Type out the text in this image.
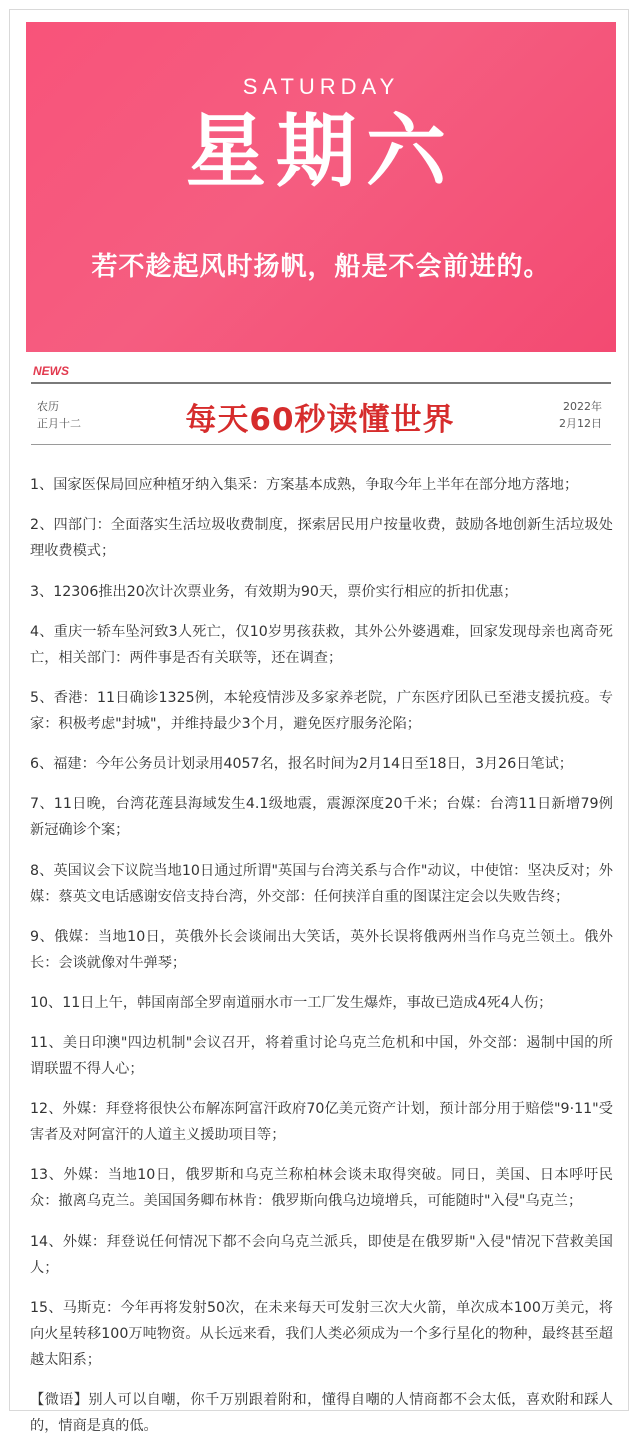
SATURDAY
星期六
若不趁起风时扬帆，船是不会前进的。
NEWS
农历
正月十二	每天60秒读懂世界	2022年
2月12日

1、国家医保局回应种植牙纳入集采：方案基本成熟，争取今年上半年在部分地方落地；

2、四部门：全面落实生活垃圾收费制度，探索居民用户按量收费，鼓励各地创新生活垃圾处理收费模式；

3、12306推出20次计次票业务，有效期为90天，票价实行相应的折扣优惠；

4、重庆一轿车坠河致3人死亡，仅10岁男孩获救，其外公外婆遇难，回家发现母亲也离奇死亡，相关部门：两件事是否有关联等，还在调查；

5、香港：11日确诊1325例，本轮疫情涉及多家养老院，广东医疗团队已至港支援抗疫。专家：积极考虑"封城"，并维持最少3个月，避免医疗服务沦陷；

6、福建：今年公务员计划录用4057名，报名时间为2月14日至18日，3月26日笔试；

7、11日晚，台湾花莲县海域发生4.1级地震，震源深度20千米；台媒：台湾11日新增79例新冠确诊个案；

8、英国议会下议院当地10日通过所谓"英国与台湾关系与合作"动议，中使馆：坚决反对；外媒：蔡英文电话感谢安倍支持台湾，外交部：任何挟洋自重的图谋注定会以失败告终；

9、俄媒：当地10日，英俄外长会谈闹出大笑话，英外长误将俄两州当作乌克兰领土。俄外长：会谈就像对牛弹琴；

10、11日上午，韩国南部全罗南道丽水市一工厂发生爆炸，事故已造成4死4人伤；

11、美日印澳"四边机制"会议召开，将着重讨论乌克兰危机和中国，外交部：遏制中国的所谓联盟不得人心；

12、外媒：拜登将很快公布解冻阿富汗政府70亿美元资产计划，预计部分用于赔偿"9·11"受害者及对阿富汗的人道主义援助项目等；

13、外媒：当地10日，俄罗斯和乌克兰称柏林会谈未取得突破。同日，美国、日本呼吁民众：撤离乌克兰。美国国务卿布林肯：俄罗斯向俄乌边境增兵，可能随时"入侵"乌克兰；

14、外媒：拜登说任何情况下都不会向乌克兰派兵，即使是在俄罗斯"入侵"情况下营救美国人；

15、马斯克：今年再将发射50次，在未来每天可发射三次大火箭，单次成本100万美元，将向火星转移100万吨物资。从长远来看，我们人类必须成为一个多行星化的物种，最终甚至超越太阳系；

【微语】别人可以自嘲，你千万别跟着附和，懂得自嘲的人情商都不会太低，喜欢附和踩人的，情商是真的低。
